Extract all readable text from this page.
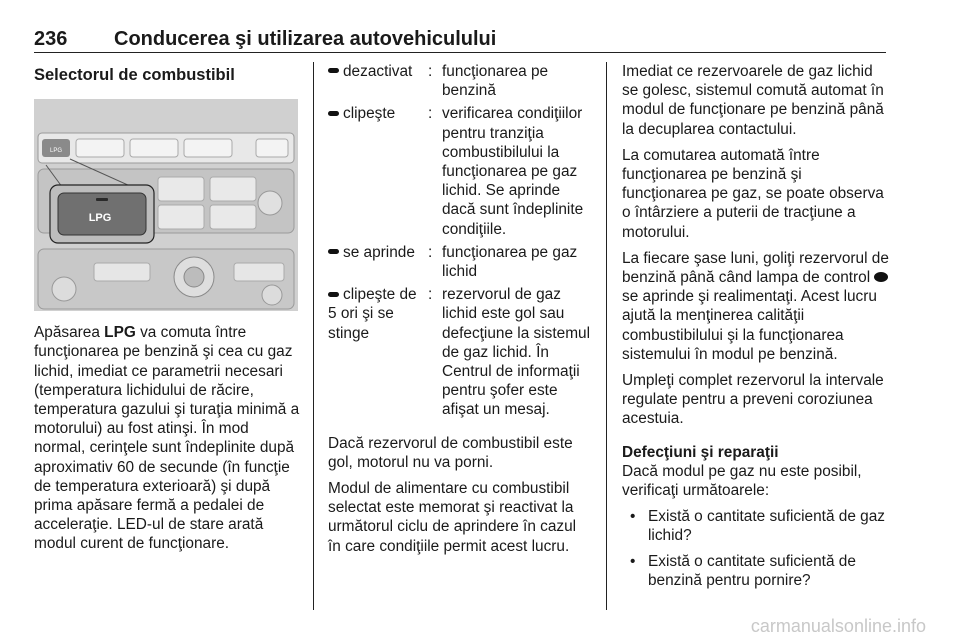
236 Conducerea şi utilizarea autovehiculului
Selectorul de combustibil
LPG
LPG

Apăsarea LPG va comuta între funcţionarea pe benzină şi cea cu gaz lichid, imediat ce parametrii necesari (temperatura lichidului de răcire, temperatura gazului şi turaţia minimă a motorului) au fost atinşi. În mod normal, cerinţele sunt îndeplinite după aproximativ 60 de secunde (în funcţie de temperatura exterioară) şi după prima apăsare fermă a pedalei de acceleraţie. LED-ul de stare arată modul curent de funcţionare.

dezactivat	: funcţionarea pe benzină
clipeşte	: verificarea condiţiilor pentru tranziţia combustibilului la funcţionarea pe gaz lichid. Se aprinde dacă sunt îndeplinite condiţiile.
se aprinde : funcţionarea pe gaz lichid
clipeşte de 5 ori şi se stinge
: rezervorul de gaz lichid este gol sau defecţiune la sistemul de gaz lichid. În Centrul de informaţii pentru şofer este afişat un mesaj.

Dacă rezervorul de combustibil este gol, motorul nu va porni.

Modul de alimentare cu combustibil selectat este memorat şi reactivat la următorul ciclu de aprindere în cazul în care condiţiile permit acest lucru.

Imediat ce rezervoarele de gaz lichid se golesc, sistemul comută automat în modul de funcţionare pe benzină până la decuplarea contactului.

La comutarea automată între funcţionarea pe benzină şi funcţionarea pe gaz, se poate observa o întârziere a puterii de tracţiune a motorului.

La fiecare şase luni, goliţi rezervorul de benzină până când lampa de control  se aprinde şi realimentaţi. Acest lucru ajută la menţinerea calităţii combustibilului şi la funcţionarea sistemului în modul pe benzină.

Umpleţi complet rezervorul la intervale regulate pentru a preveni coroziunea acestuia.

Defecţiuni şi reparaţii

Dacă modul pe gaz nu este posibil, verificaţi următoarele:

• Există o cantitate suficientă de gaz lichid?
• Există o cantitate suficientă de benzină pentru pornire?
carmanualsonline.info
